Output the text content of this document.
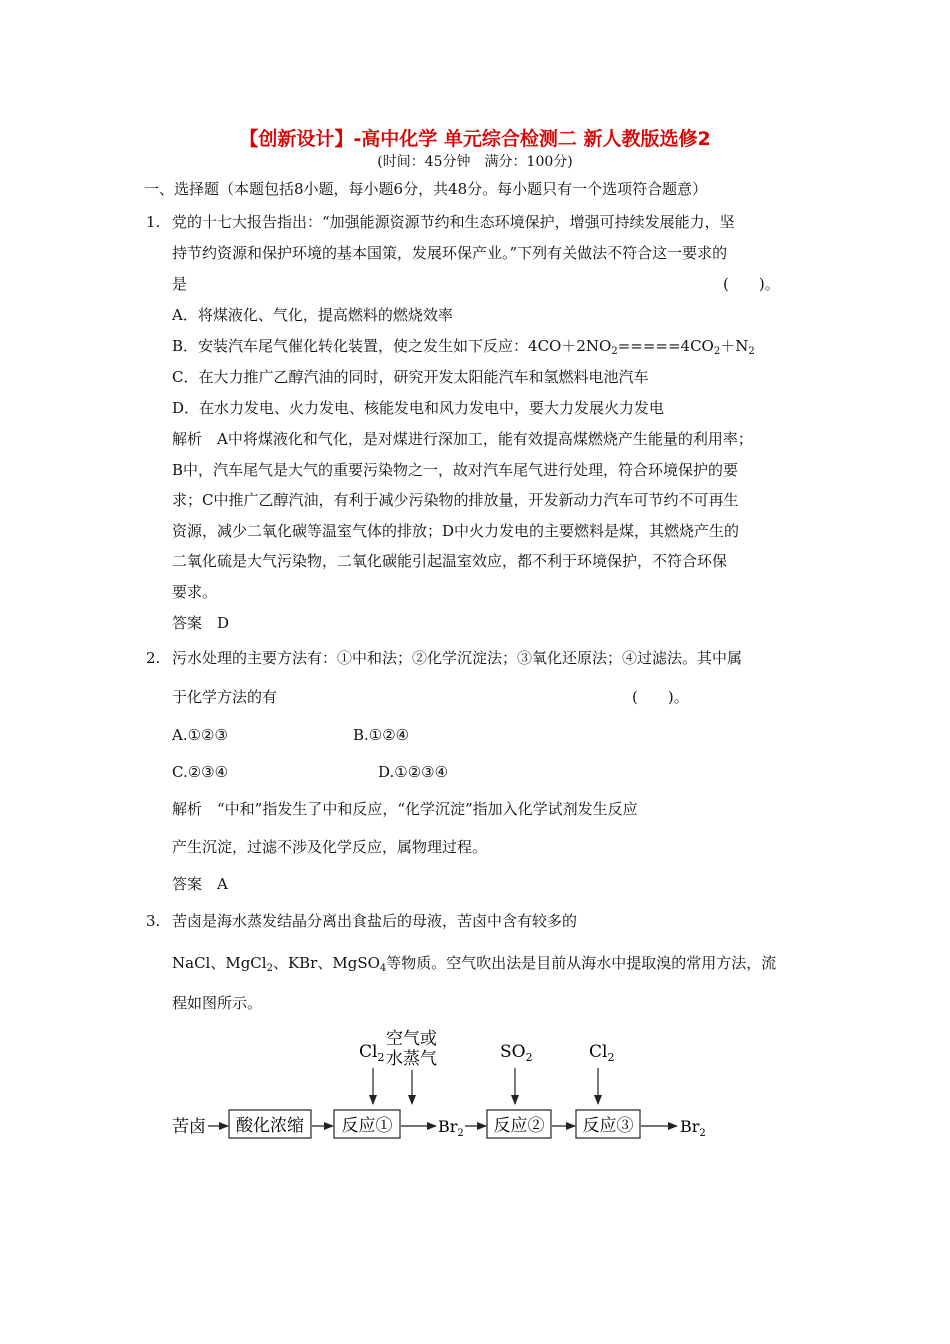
【创新设计】-高中化学 单元综合检测二 新人教版选修2
(时间：45分钟　满分：100分)
一、选择题（本题包括8小题，每小题6分，共48分。每小题只有一个选项符合题意）
1. 党的十七大报告指出：“加强能源资源节约和生态环境保护，增强可持续发展能力，坚
持节约资源和保护环境的基本国策，发展环保产业。”下列有关做法不符合这一要求的
是	(　　)。
A．将煤液化、气化，提高燃料的燃烧效率
B．安装汽车尾气催化转化装置，使之发生如下反应：$4CO+2NO_2=====4CO_2+N_2$
C．在大力推广乙醇汽油的同时，研究开发太阳能汽车和氢燃料电池汽车
D．在水力发电、火力发电、核能发电和风力发电中，要大力发展火力发电
解析　A中将煤液化和气化，是对煤进行深加工，能有效提高煤燃烧产生能量的利用率；
B中，汽车尾气是大气的重要污染物之一，故对汽车尾气进行处理，符合环境保护的要
求；C中推广乙醇汽油，有利于减少污染物的排放量，开发新动力汽车可节约不可再生
资源，减少二氧化碳等温室气体的排放；D中火力发电的主要燃料是煤，其燃烧产生的
二氧化硫是大气污染物，二氧化碳能引起温室效应，都不利于环境保护，不符合环保
要求。
答案　D
2. 污水处理的主要方法有：①中和法；②化学沉淀法；③氧化还原法；④过滤法。其中属
于化学方法的有	(　　)。
A.①②③	B.①②④
C.②③④	D.①②③④
解析　“中和”指发生了中和反应，“化学沉淀”指加入化学试剂发生反应
产生沉淀，过滤不涉及化学反应，属物理过程。
答案　A
3. 苦卤是海水蒸发结晶分离出食盐后的母液，苦卤中含有较多的
NaCl、MgCl$_2$、KBr、MgSO$_4$等物质。空气吹出法是目前从海水中提取溴的常用方法，流
程如图所示。
$Cl_2$
空气或
水蒸气	$SO_2$	$Cl_2$
苦卤 酸化浓缩 反应①	$Br_2$ 反应② 反应③	$Br_2$
